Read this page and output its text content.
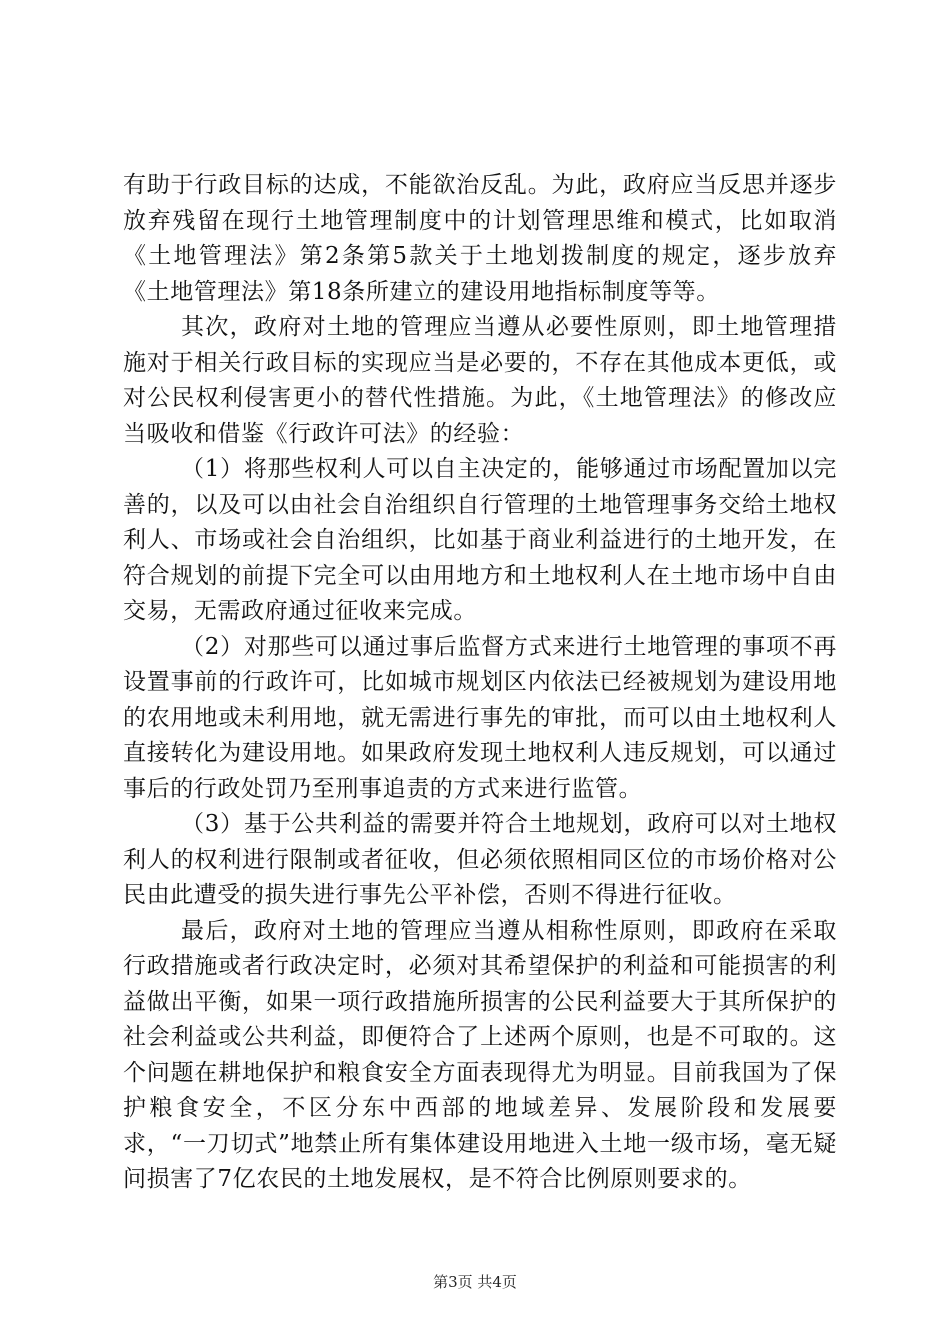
有助于行政目标的达成，不能欲治反乱。为此，政府应当反思并逐步放弃残留在现行土地管理制度中的计划管理思维和模式，比如取消《土地管理法》第2条第5款关于土地划拨制度的规定，逐步放弃《土地管理法》第18条所建立的建设用地指标制度等等。

其次，政府对土地的管理应当遵从必要性原则，即土地管理措施对于相关行政目标的实现应当是必要的，不存在其他成本更低，或对公民权利侵害更小的替代性措施。为此，《土地管理法》的修改应当吸收和借鉴《行政许可法》的经验：

（1）将那些权利人可以自主决定的，能够通过市场配置加以完善的，以及可以由社会自治组织自行管理的土地管理事务交给土地权利人、市场或社会自治组织，比如基于商业利益进行的土地开发，在符合规划的前提下完全可以由用地方和土地权利人在土地市场中自由交易，无需政府通过征收来完成。

（2）对那些可以通过事后监督方式来进行土地管理的事项不再设置事前的行政许可，比如城市规划区内依法已经被规划为建设用地的农用地或未利用地，就无需进行事先的审批，而可以由土地权利人直接转化为建设用地。如果政府发现土地权利人违反规划，可以通过事后的行政处罚乃至刑事追责的方式来进行监管。

（3）基于公共利益的需要并符合土地规划，政府可以对土地权利人的权利进行限制或者征收，但必须依照相同区位的市场价格对公民由此遭受的损失进行事先公平补偿，否则不得进行征收。

最后，政府对土地的管理应当遵从相称性原则，即政府在采取行政措施或者行政决定时，必须对其希望保护的利益和可能损害的利益做出平衡，如果一项行政措施所损害的公民利益要大于其所保护的社会利益或公共利益，即便符合了上述两个原则，也是不可取的。这个问题在耕地保护和粮食安全方面表现得尤为明显。目前我国为了保护粮食安全，不区分东中西部的地域差异、发展阶段和发展要求，“一刀切式”地禁止所有集体建设用地进入土地一级市场，毫无疑问损害了7亿农民的土地发展权，是不符合比例原则要求的。

第3页 共4页
